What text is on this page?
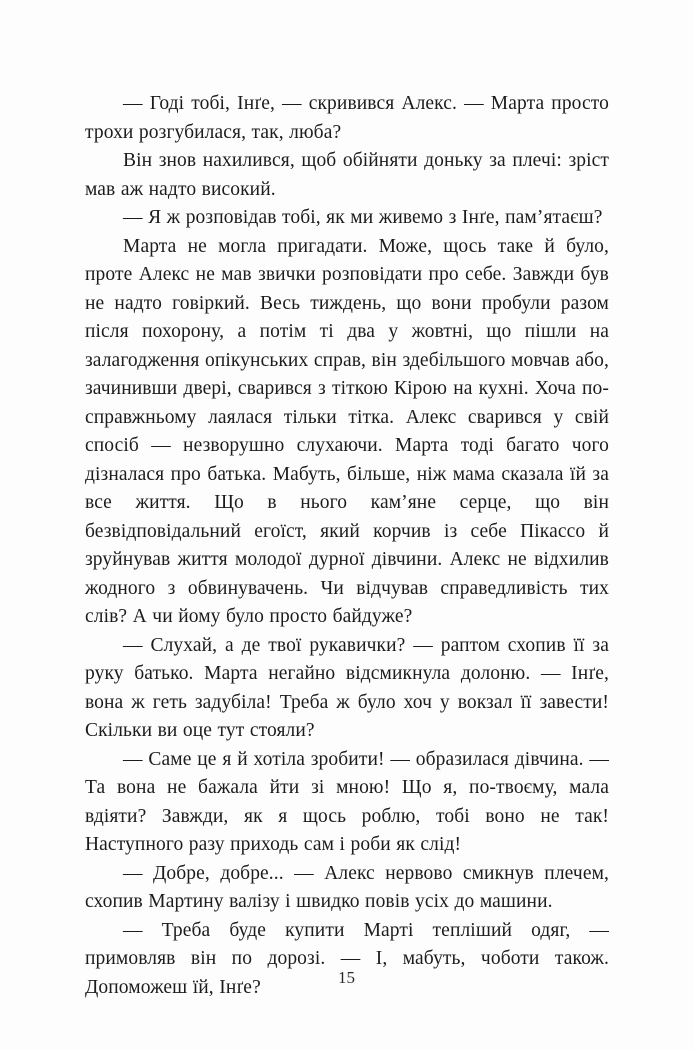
— Годі тобі, Інґе, — скривився Алекс. — Марта просто трохи розгубилася, так, люба?

Він знов нахилився, щоб обійняти доньку за плечі: зріст мав аж надто високий.

— Я ж розповідав тобі, як ми живемо з Інґе, пам’ятаєш?

Марта не могла пригадати. Може, щось таке й було, проте Алекс не мав звички розповідати про себе. Завжди був не надто говіркий. Весь тиждень, що вони пробули разом після похорону, а потім ті два у жовтні, що пішли на залагодження опікунських справ, він здебільшого мовчав або, зачинивши двері, сварився з тіткою Кірою на кухні. Хоча по-справжньому лаялася тільки тітка. Алекс сварився у свій спосіб — незворушно слухаючи. Марта тоді багато чого дізналася про батька. Мабуть, більше, ніж мама сказала їй за все життя. Що в нього кам’яне серце, що він безвідповідальний егоїст, який корчив із себе Пікассо й зруйнував життя молодої дурної дівчини. Алекс не відхилив жодного з обвинувачень. Чи відчував справедливість тих слів? А чи йому було просто байдуже?

— Слухай, а де твої рукавички? — раптом схопив її за руку батько. Марта негайно відсмикнула долоню. — Інґе, вона ж геть задубіла! Треба ж було хоч у вокзал її завести! Скільки ви оце тут стояли?

— Саме це я й хотіла зробити! — образилася дівчина. — Та вона не бажала йти зі мною! Що я, по-твоєму, мала вдіяти? Завжди, як я щось роблю, тобі воно не так! Наступного разу приходь сам і роби як слід!

— Добре, добре... — Алекс нервово смикнув плечем, схопив Мартину валізу і швидко повів усіх до машини.

— Треба буде купити Марті тепліший одяг, — примовляв він по дорозі. — І, мабуть, чоботи також. Допоможеш їй, Інґе?	15
